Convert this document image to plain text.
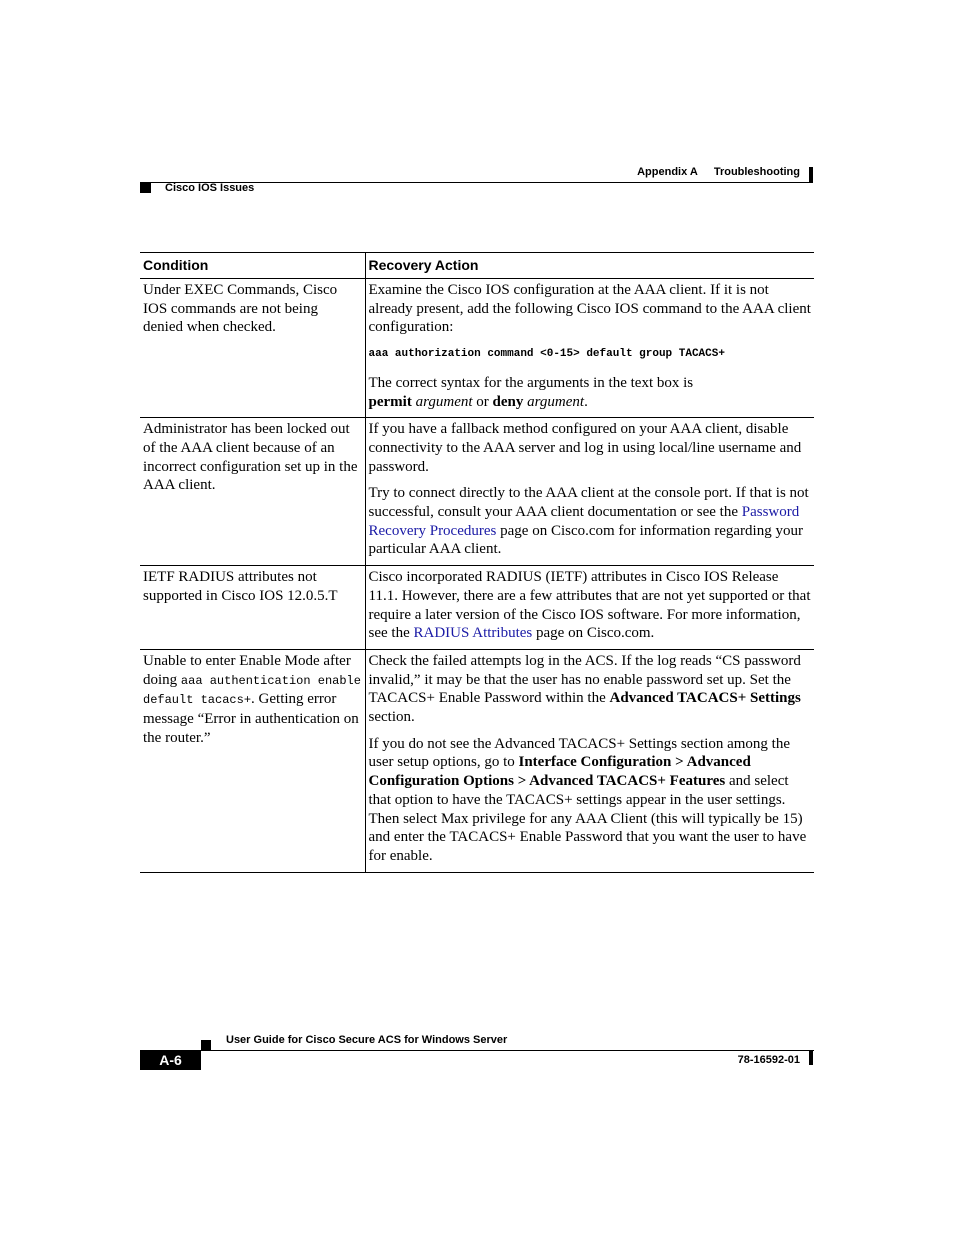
Appendix A Troubleshooting
Cisco IOS Issues
Condition	Recovery Action
Under EXEC Commands, Cisco IOS commands are not being denied when checked.	Examine the Cisco IOS configuration at the AAA client. If it is not already present, add the following Cisco IOS command to the AAA client configuration:

aaa authorization command <0-15> default group TACACS+

The correct syntax for the arguments in the text box is
permit argument or deny argument.

Administrator has been locked out of the AAA client because of an incorrect configuration set up in the AAA client.	If you have a fallback method configured on your AAA client, disable connectivity to the AAA server and log in using local/line username and password.

Try to connect directly to the AAA client at the console port. If that is not successful, consult your AAA client documentation or see the Password Recovery Procedures page on Cisco.com for information regarding your particular AAA client.

IETF RADIUS attributes not supported in Cisco IOS 12.0.5.T	Cisco incorporated RADIUS (IETF) attributes in Cisco IOS Release 11.1. However, there are a few attributes that are not yet supported or that require a later version of the Cisco IOS software. For more information, see the RADIUS Attributes page on Cisco.com.

Unable to enter Enable Mode after doing aaa authentication enable default tacacs+. Getting error message “Error in authentication on the router.”	Check the failed attempts log in the ACS. If the log reads “CS password invalid,” it may be that the user has no enable password set up. Set the TACACS+ Enable Password within the Advanced TACACS+ Settings section.

If you do not see the Advanced TACACS+ Settings section among the user setup options, go to Interface Configuration > Advanced Configuration Options > Advanced TACACS+ Features and select that option to have the TACACS+ settings appear in the user settings. Then select Max privilege for any AAA Client (this will typically be 15) and enter the TACACS+ Enable Password that you want the user to have for enable.

User Guide for Cisco Secure ACS for Windows Server
A-6	78-16592-01
